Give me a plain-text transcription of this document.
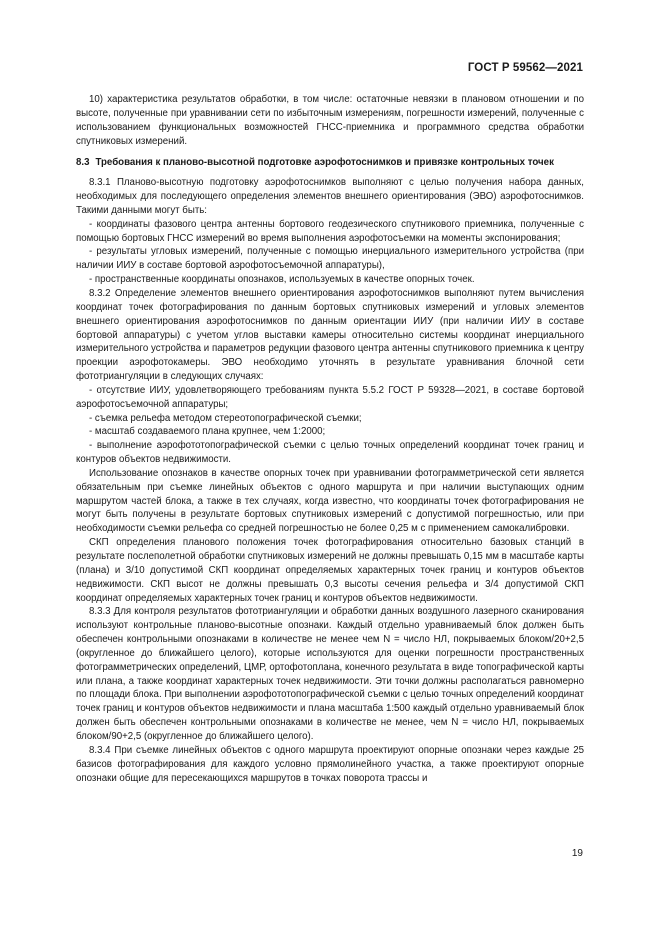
ГОСТ Р 59562—2021

10) характеристика результатов обработки, в том числе: остаточные невязки в плановом отношении и по высоте, полученные при уравнивании сети по избыточным измерениям, погрешности измерений, полученные с использованием функциональных возможностей ГНСС-приемника и программного средства обработки спутниковых измерений.

8.3 Требования к планово-высотной подготовке аэрофотоснимков и привязке контрольных точек

8.3.1 Планово-высотную подготовку аэрофотоснимков выполняют с целью получения набора данных, необходимых для последующего определения элементов внешнего ориентирования (ЭВО) аэрофотоснимков. Такими данными могут быть:

- координаты фазового центра антенны бортового геодезического спутникового приемника, полученные с помощью бортовых ГНСС измерений во время выполнения аэрофотосъемки на моменты экспонирования;

- результаты угловых измерений, полученные с помощью инерциального измерительного устройства (при наличии ИИУ в составе бортовой аэрофотосъемочной аппаратуры),

- пространственные координаты опознаков, используемых в качестве опорных точек.

8.3.2 Определение элементов внешнего ориентирования аэрофотоснимков выполняют путем вычисления координат точек фотографирования по данным бортовых спутниковых измерений и угловых элементов внешнего ориентирования аэрофотоснимков по данным ориентации ИИУ (при наличии ИИУ в составе бортовой аппаратуры) с учетом углов выставки камеры относительно системы координат инерциального измерительного устройства и параметров редукции фазового центра антенны спутникового приемника к центру проекции аэрофотокамеры. ЭВО необходимо уточнять в результате уравнивания блочной сети фототриангуляции в следующих случаях:

- отсутствие ИИУ, удовлетворяющего требованиям пункта 5.5.2 ГОСТ Р 59328—2021, в составе бортовой аэрофотосъемочной аппаратуры;

- съемка рельефа методом стереотопографической съемки;

- масштаб создаваемого плана крупнее, чем 1:2000;

- выполнение аэрофототопографической съемки с целью точных определений координат точек границ и контуров объектов недвижимости.

Использование опознаков в качестве опорных точек при уравнивании фотограмметрической сети является обязательным при съемке линейных объектов с одного маршрута и при наличии выступающих одним маршрутом частей блока, а также в тех случаях, когда известно, что координаты точек фотографирования не могут быть получены в результате бортовых спутниковых измерений с допустимой погрешностью, или при необходимости съемки рельефа со средней погрешностью не более 0,25 м с применением самокалибровки.

СКП определения планового положения точек фотографирования относительно базовых станций в результате послеполетной обработки спутниковых измерений не должны превышать 0,15 мм в масштабе карты (плана) и 3/10 допустимой СКП координат определяемых характерных точек границ и контуров объектов недвижимости. СКП высот не должны превышать 0,3 высоты сечения рельефа и 3/4 допустимой СКП координат определяемых характерных точек границ и контуров объектов недвижимости.

8.3.3 Для контроля результатов фототриангуляции и обработки данных воздушного лазерного сканирования используют контрольные планово-высотные опознаки. Каждый отдельно уравниваемый блок должен быть обеспечен контрольными опознаками в количестве не менее чем N = число НЛ, покрываемых блоком/20+2,5 (округленное до ближайшего целого), которые используются для оценки погрешности пространственных фотограмметрических определений, ЦМР, ортофотоплана, конечного результата в виде топографической карты или плана, а также координат характерных точек недвижимости. Эти точки должны располагаться равномерно по площади блока. При выполнении аэрофототопографической съемки с целью точных определений координат точек границ и контуров объектов недвижимости и плана масштаба 1:500 каждый отдельно уравниваемый блок должен быть обеспечен контрольными опознаками в количестве не менее, чем N = число НЛ, покрываемых блоком/90+2,5 (округленное до ближайшего целого).

8.3.4 При съемке линейных объектов с одного маршрута проектируют опорные опознаки через каждые 25 базисов фотографирования для каждого условно прямолинейного участка, а также проектируют опорные опознаки общие для пересекающихся маршрутов в точках поворота трассы и

19
